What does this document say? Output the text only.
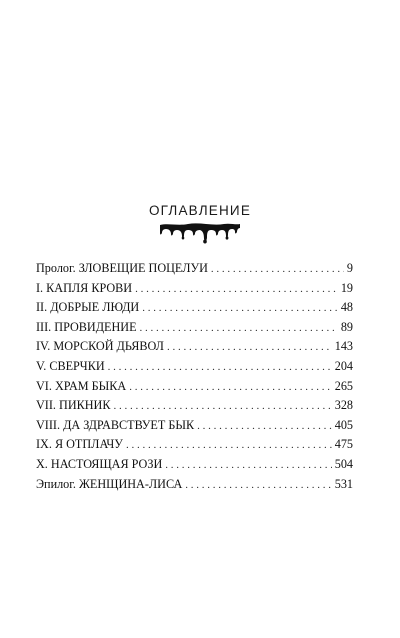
ОГЛАВЛЕНИЕ
Пролог. ЗЛОВЕЩИЕ ПОЦЕЛУИ . . .	9
I. КАПЛЯ КРОВИ . . .	19
II. ДОБРЫЕ ЛЮДИ . . .	48
III. ПРОВИДЕНИЕ . . .	89
IV. МОРСКОЙ ДЬЯВОЛ . . .	143
V. СВЕРЧКИ . . .	204
VI. ХРАМ БЫКА . . .	265
VII. ПИКНИК . . .	328
VIII. ДА ЗДРАВСТВУЕТ БЫК . . .	405
IX. Я ОТПЛАЧУ . . .	475
X. НАСТОЯЩАЯ РОЗИ . . .	504
Эпилог. ЖЕНЩИНА-ЛИСА . . .	531
